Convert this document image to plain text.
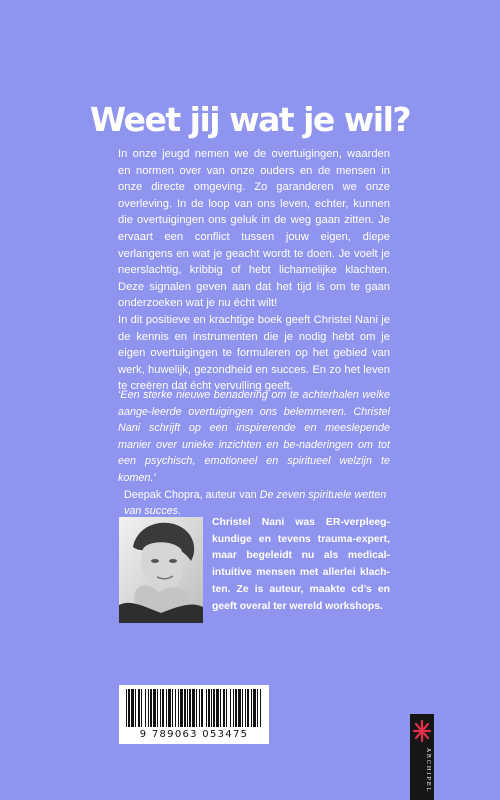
Weet jij wat je wil?

In onze jeugd nemen we de overtuigingen, waarden en normen over van onze ouders en de mensen in onze directe omgeving. Zo garanderen we onze overleving. In de loop van ons leven, echter, kunnen die overtuigingen ons geluk in de weg gaan zitten. Je ervaart een conflict tussen jouw eigen, diepe verlangens en wat je geacht wordt te doen. Je voelt je neerslachtig, kribbig of hebt lichamelijke klachten. Deze signalen geven aan dat het tijd is om te gaan onderzoeken wat je nu écht wilt!

In dit positieve en krachtige boek geeft Christel Nani je de kennis en instrumenten die je nodig hebt om je eigen overtuigingen te formuleren op het gebied van werk, huwelijk, gezondheid en succes. En zo het leven te creëren dat écht vervulling geeft.

‘Een sterke nieuwe benadering om te achterhalen welke aange-leerde overtuigingen ons belemmeren. Christel Nani schrijft op een inspirerende en meeslepende manier over unieke inzichten en be-naderingen om tot een psychisch, emotioneel en spiritueel welzijn te komen.’

Deepak Chopra, auteur van De zeven spirituele wetten van succes.

Christel Nani was ER-verpleeg-kundige en tevens trauma-expert, maar begeleidt nu als medical-intuitive mensen met allerlei klach-ten. Ze is auteur, maakte cd’s en geeft overal ter wereld workshops.

9 789063 053475
ARCHIPEL
